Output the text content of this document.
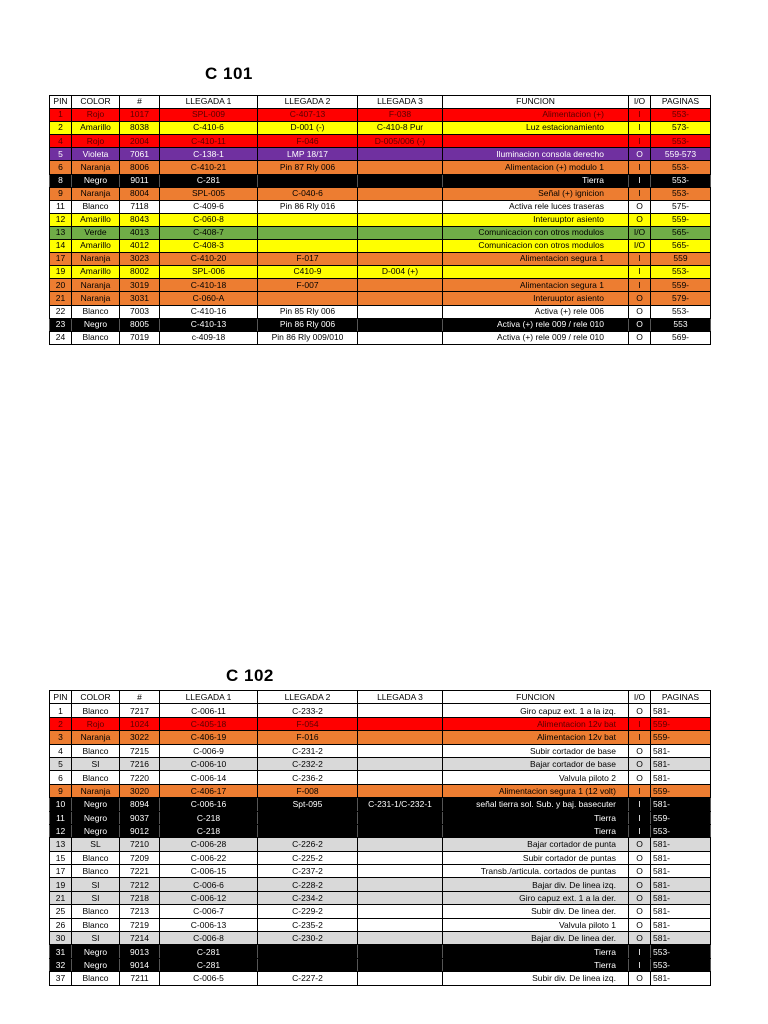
C 101
PIN	COLOR	#	LLEGADA 1	LLEGADA 2	LLEGADA 3	FUNCION	I/O	PAGINAS
1	Rojo	1017	SPL-009	C-407-13	F-038	Alimentacion (+)	I	553-
2	Amarillo	8038	C-410-6	D-001 (-)	C-410-8 Pur	Luz estacionamiento	I	573-
4	Rojo	2004	C-410-11	F-046	D-005/006 (-)		I	553-
5	Violeta	7061	C-138-1	LMP 18/17		Iluminacion consola derecho	O	559-573
6	Naranja	8006	C-410-21	Pin 87 Rly 006		Alimentacion (+) modulo 1	I	553-
8	Negro	9011	C-281			Tierra	I	553-
9	Naranja	8004	SPL-005	C-040-6		Señal (+) ignicion	I	553-
11	Blanco	7118	C-409-6	Pin 86 Rly 016		Activa rele luces traseras	O	575-
12	Amarillo	8043	C-060-8			Interuuptor asiento	O	559-
13	Verde	4013	C-408-7			Comunicacion con otros modulos	I/O	565-
14	Amarillo	4012	C-408-3			Comunicacion con otros modulos	I/O	565-
17	Naranja	3023	C-410-20	F-017		Alimentacion segura 1	I	559
19	Amarillo	8002	SPL-006	C410-9	D-004 (+)		I	553-
20	Naranja	3019	C-410-18	F-007		Alimentacion segura 1	I	559-
21	Naranja	3031	C-060-A			Interuuptor asiento	O	579-
22	Blanco	7003	C-410-16	Pin 85 Rly 006		Activa (+) rele 006	O	553-
23	Negro	8005	C-410-13	Pin 86 Rly 006		Activa (+) rele 009 / rele 010	O	553
24	Blanco	7019	c-409-18	Pin 86 Rly 009/010		Activa (+) rele 009 / rele 010	O	569-
C 102
PIN	COLOR	#	LLEGADA 1	LLEGADA 2	LLEGADA 3	FUNCION	I/O	PAGINAS
1	Blanco	7217	C-006-11	C-233-2		Giro capuz ext. 1 a la izq.	O	581-
2	Rojo	1024	C-405-18	F-054		Alimentacion 12v bat	I	559-
3	Naranja	3022	C-406-19	F-016		Alimentacion 12v bat	I	559-
4	Blanco	7215	C-006-9	C-231-2		Subir cortador de base	O	581-
5	SI	7216	C-006-10	C-232-2		Bajar cortador de base	O	581-
6	Blanco	7220	C-006-14	C-236-2		Valvula piloto 2	O	581-
9	Naranja	3020	C-406-17	F-008		Alimentacion segura 1 (12 volt)	I	559-
10	Negro	8094	C-006-16	Spt-095	C-231-1/C-232-1	señal tierra sol. Sub. y baj. basecuter	I	581-
11	Negro	9037	C-218			Tierra	I	559-
12	Negro	9012	C-218			Tierra	I	553-
13	SL	7210	C-006-28	C-226-2		Bajar cortador de punta	O	581-
15	Blanco	7209	C-006-22	C-225-2		Subir cortador de puntas	O	581-
17	Blanco	7221	C-006-15	C-237-2		Transb./articula. cortados de puntas	O	581-
19	SI	7212	C-006-6	C-228-2		Bajar div. De linea izq.	O	581-
21	SI	7218	C-006-12	C-234-2		Giro capuz ext. 1 a la der.	O	581-
25	Blanco	7213	C-006-7	C-229-2		Subir div. De linea der.	O	581-
26	Blanco	7219	C-006-13	C-235-2		Valvula piloto 1	O	581-
30	SI	7214	C-006-8	C-230-2		Bajar div. De linea der.	O	581-
31	Negro	9013	C-281			Tierra	I	553-
32	Negro	9014	C-281			Tierra	I	553-
37	Blanco	7211	C-006-5	C-227-2		Subir div. De linea izq.	O	581-
